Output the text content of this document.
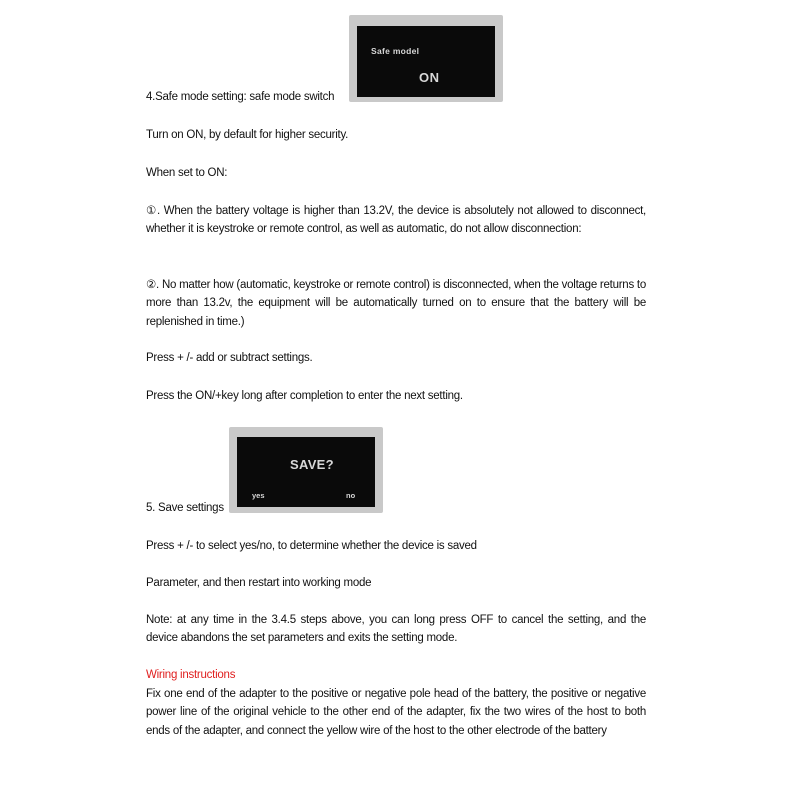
Safe model
ON
4.Safe mode setting: safe mode switch
Turn on ON, by default for higher security.
When set to ON:
①. When the battery voltage is higher than 13.2V, the device is absolutely not allowed to disconnect, whether it is keystroke or remote control, as well as automatic, do not allow disconnection:
②. No matter how (automatic, keystroke or remote control) is disconnected, when the voltage returns to more than 13.2v, the equipment will be automatically turned on to ensure that the battery will be replenished in time.)
Press + /- add or subtract settings.
Press the ON/+key long after completion to enter the next setting.
SAVE?
yes	no
5. Save settings
Press + /- to select yes/no, to determine whether the device is saved
Parameter, and then restart into working mode
Note: at any time in the 3.4.5 steps above, you can long press OFF to cancel the setting, and the device abandons the set parameters and exits the setting mode.
Wiring instructions
Fix one end of the adapter to the positive or negative pole head of the battery, the positive or negative power line of the original vehicle to the other end of the adapter, fix the two wires of the host to both ends of the adapter, and connect the yellow wire of the host to the other electrode of the battery
